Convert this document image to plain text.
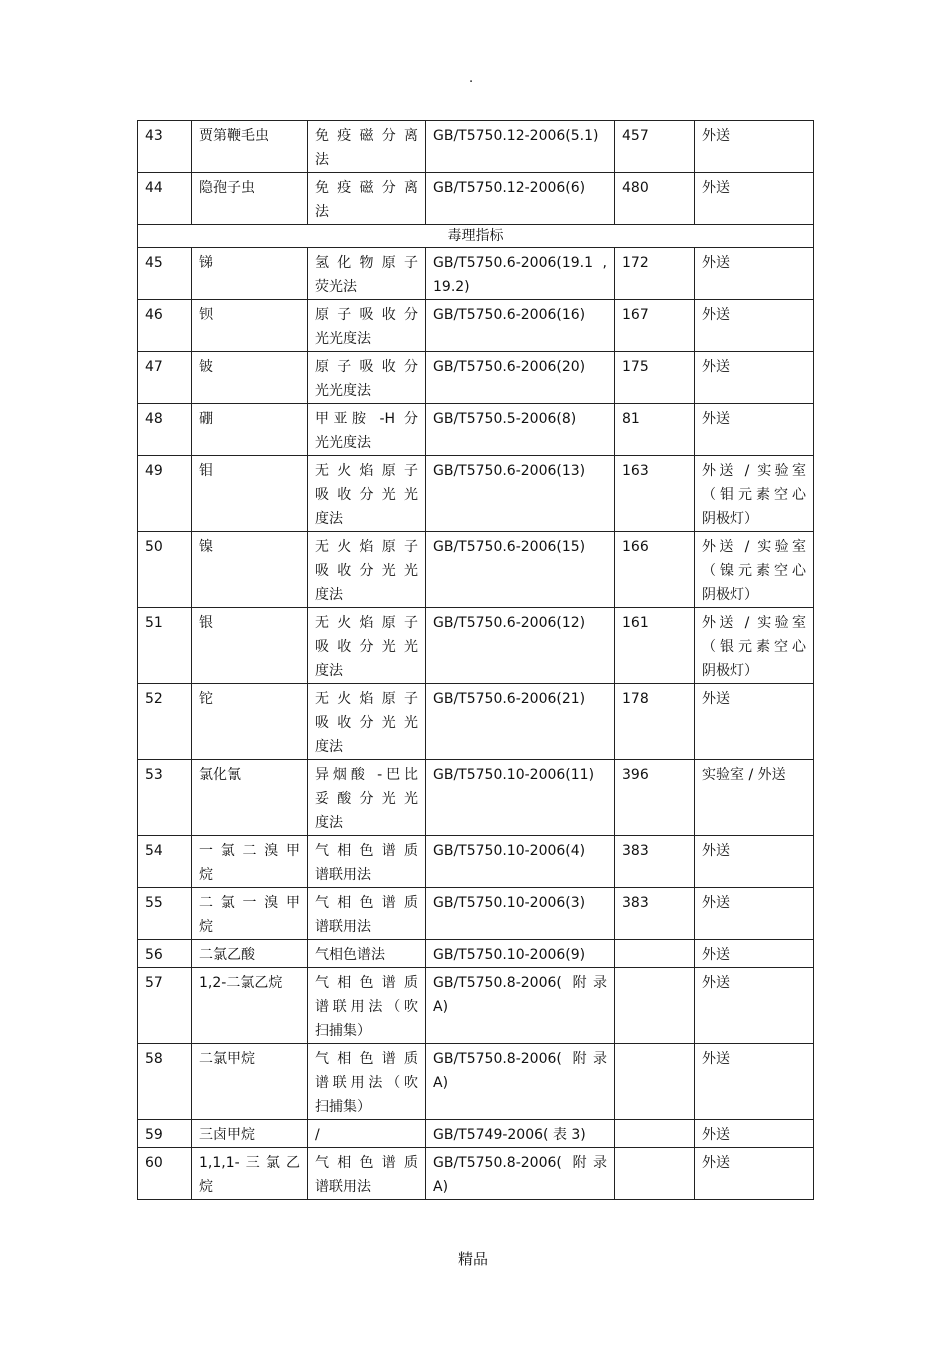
.
43	贾第鞭毛虫	免疫磁分离
法	GB/T5750.12-2006(5.1)	457	外送

44	隐孢子虫	免疫磁分离
法	GB/T5750.12-2006(6)	480	外送

毒理指标					
45	锑	氢化物原子
荧光法	GB/T5750.6-2006(19.1 ,
19.2)	172	外送

46	钡	原子吸收分
光光度法	GB/T5750.6-2006(16)	167	外送

47	铍	原子吸收分
光光度法	GB/T5750.6-2006(20)	175	外送

48	硼	甲亚胺 -H 分
光光度法	GB/T5750.5-2006(8)	81	外送

49	钼	无火焰原子
吸收分光光
度法	GB/T5750.6-2006(13)	163	外送 / 实验室
（钼元素空心
阴极灯）

50	镍	无火焰原子
吸收分光光
度法	GB/T5750.6-2006(15)	166	外送 / 实验室
（镍元素空心
阴极灯）

51	银	无火焰原子
吸收分光光
度法	GB/T5750.6-2006(12)	161	外送 / 实验室
（银元素空心
阴极灯）

52	铊	无火焰原子
吸收分光光
度法	GB/T5750.6-2006(21)	178	外送

53	氯化氰	异烟酸 -巴比
妥酸分光光
度法	GB/T5750.10-2006(11)	396	实验室 / 外送

54	一氯二溴甲
烷	气相色谱质
谱联用法	GB/T5750.10-2006(4)	383	外送

55	二氯一溴甲
烷	气相色谱质
谱联用法	GB/T5750.10-2006(3)	383	外送

56	二氯乙酸	气相色谱法	GB/T5750.10-2006(9)		外送

57	1,2-二氯乙烷	气相色谱质
谱联用法（吹
扫捕集）	GB/T5750.8-2006( 附录
A)		外送

58	二氯甲烷	气相色谱质
谱联用法（吹
扫捕集）	GB/T5750.8-2006( 附录
A)		外送

59	三卤甲烷	/	GB/T5749-2006( 表 3)		外送

60	1,1,1-三氯乙
烷	气相色谱质
谱联用法	GB/T5750.8-2006( 附录
A)		外送
精品
